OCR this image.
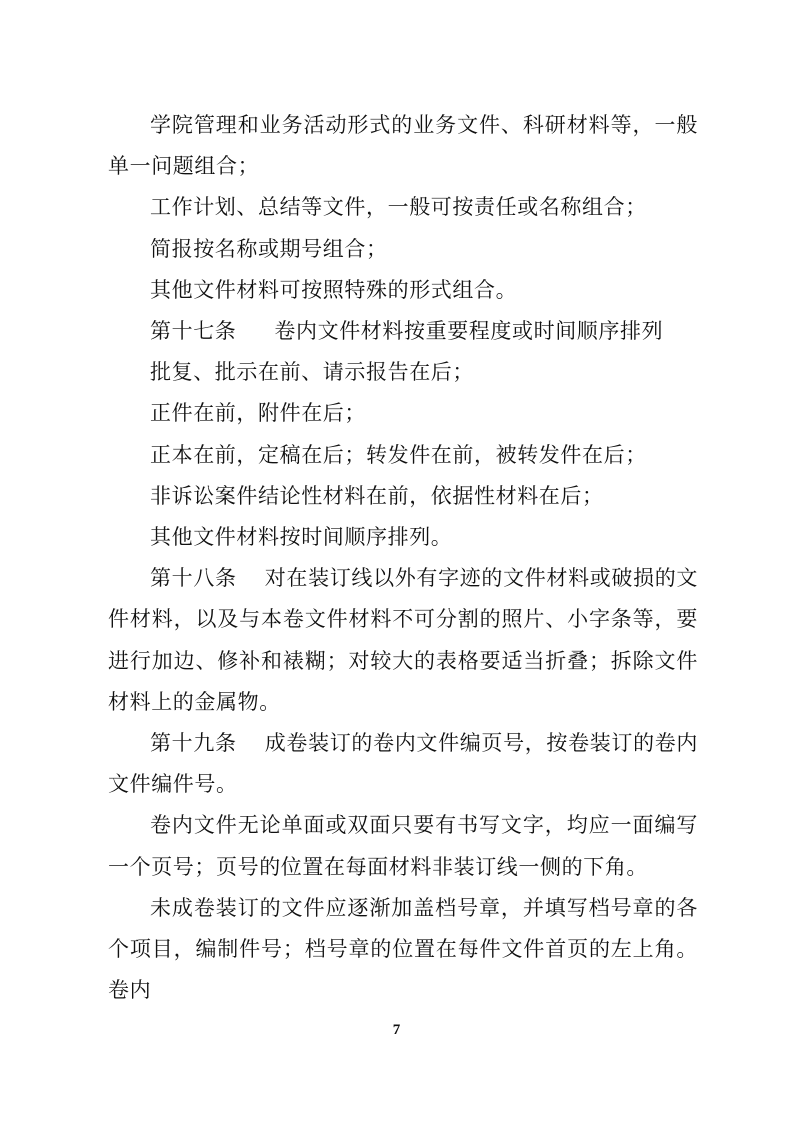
学院管理和业务活动形式的业务文件、科研材料等，一般单一问题组合；

工作计划、总结等文件，一般可按责任或名称组合；

简报按名称或期号组合；

其他文件材料可按照特殊的形式组合。

第十七条 卷内文件材料按重要程度或时间顺序排列

批复、批示在前、请示报告在后；

正件在前，附件在后；

正本在前，定稿在后；转发件在前，被转发件在后；

非诉讼案件结论性材料在前，依据性材料在后；

其他文件材料按时间顺序排列。

第十八条 对在装订线以外有字迹的文件材料或破损的文件材料，以及与本卷文件材料不可分割的照片、小字条等，要进行加边、修补和裱糊；对较大的表格要适当折叠；拆除文件材料上的金属物。

第十九条 成卷装订的卷内文件编页号，按卷装订的卷内文件编件号。

卷内文件无论单面或双面只要有书写文字，均应一面编写一个页号；页号的位置在每面材料非装订线一侧的下角。

未成卷装订的文件应逐渐加盖档号章，并填写档号章的各个项目，编制件号；档号章的位置在每件文件首页的左上角。卷内

7
